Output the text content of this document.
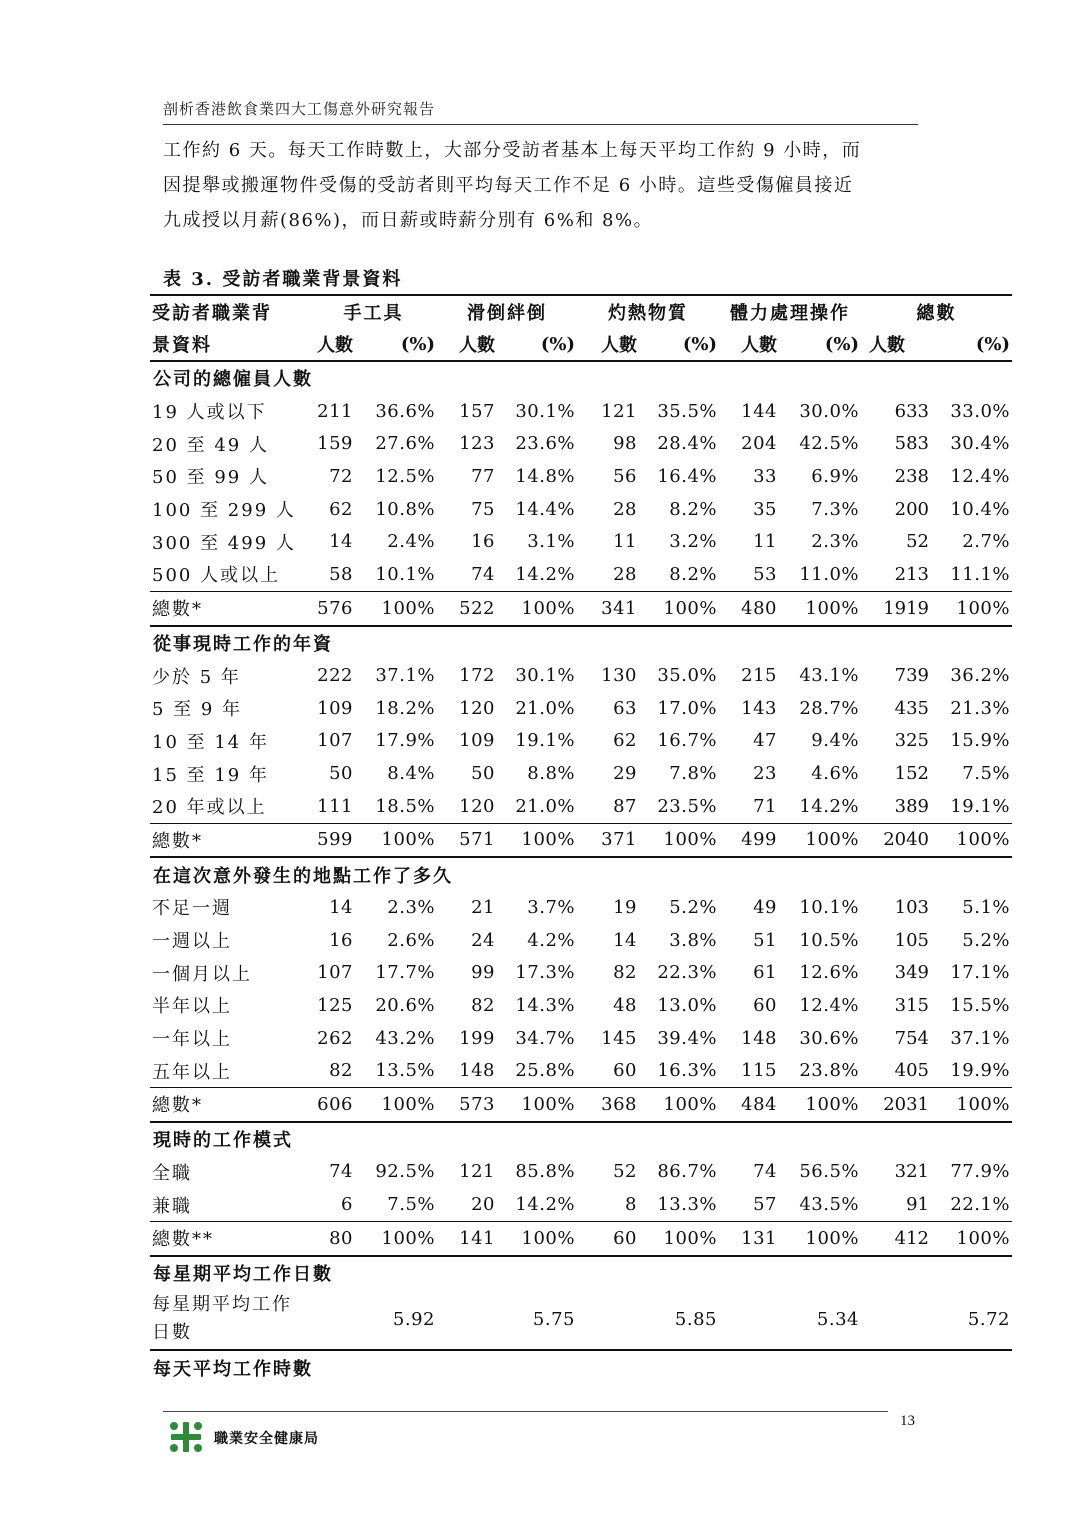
剖析香港飲食業四大工傷意外研究報告

工作約 6 天。每天工作時數上，大部分受訪者基本上每天平均工作約 9 小時，而

因提舉或搬運物件受傷的受訪者則平均每天工作不足 6 小時。這些受傷僱員接近

九成授以月薪(86%)，而日薪或時薪分別有 6%和 8%。

表 3. 受訪者職業背景資料
受訪者職業背	手工具		滑倒絆倒		灼熱物質		體力處理操作		總數	
景資料	人數	(%)	人數	(%)	人數	(%)	人數	(%)	人數	(%)
公司的總僱員人數										
19 人或以下	211	36.6%	157	30.1%	121	35.5%	144	30.0%	633	33.0%
20 至 49 人	159	27.6%	123	23.6%	98	28.4%	204	42.5%	583	30.4%
50 至 99 人	72	12.5%	77	14.8%	56	16.4%	33	6.9%	238	12.4%
100 至 299 人	62	10.8%	75	14.4%	28	8.2%	35	7.3%	200	10.4%
300 至 499 人	14	2.4%	16	3.1%	11	3.2%	11	2.3%	52	2.7%
500 人或以上	58	10.1%	74	14.2%	28	8.2%	53	11.0%	213	11.1%
總數*	576	100%	522	100%	341	100%	480	100%	1919	100%
從事現時工作的年資										
少於 5 年	222	37.1%	172	30.1%	130	35.0%	215	43.1%	739	36.2%
5 至 9 年	109	18.2%	120	21.0%	63	17.0%	143	28.7%	435	21.3%
10 至 14 年	107	17.9%	109	19.1%	62	16.7%	47	9.4%	325	15.9%
15 至 19 年	50	8.4%	50	8.8%	29	7.8%	23	4.6%	152	7.5%
20 年或以上	111	18.5%	120	21.0%	87	23.5%	71	14.2%	389	19.1%
總數*	599	100%	571	100%	371	100%	499	100%	2040	100%
在這次意外發生的地點工作了多久										
不足一週	14	2.3%	21	3.7%	19	5.2%	49	10.1%	103	5.1%
一週以上	16	2.6%	24	4.2%	14	3.8%	51	10.5%	105	5.2%
一個月以上	107	17.7%	99	17.3%	82	22.3%	61	12.6%	349	17.1%
半年以上	125	20.6%	82	14.3%	48	13.0%	60	12.4%	315	15.5%
一年以上	262	43.2%	199	34.7%	145	39.4%	148	30.6%	754	37.1%
五年以上	82	13.5%	148	25.8%	60	16.3%	115	23.8%	405	19.9%
總數*	606	100%	573	100%	368	100%	484	100%	2031	100%
現時的工作模式										
全職	74	92.5%	121	85.8%	52	86.7%	74	56.5%	321	77.9%
兼職	6	7.5%	20	14.2%	8	13.3%	57	43.5%	91	22.1%
總數**	80	100%	141	100%	60	100%	131	100%	412	100%
每星期平均工作日數										
每星期平均工作日數	5.92		5.75		5.85		5.34		5.72	
每天平均工作時數										
13
職業安全健康局
